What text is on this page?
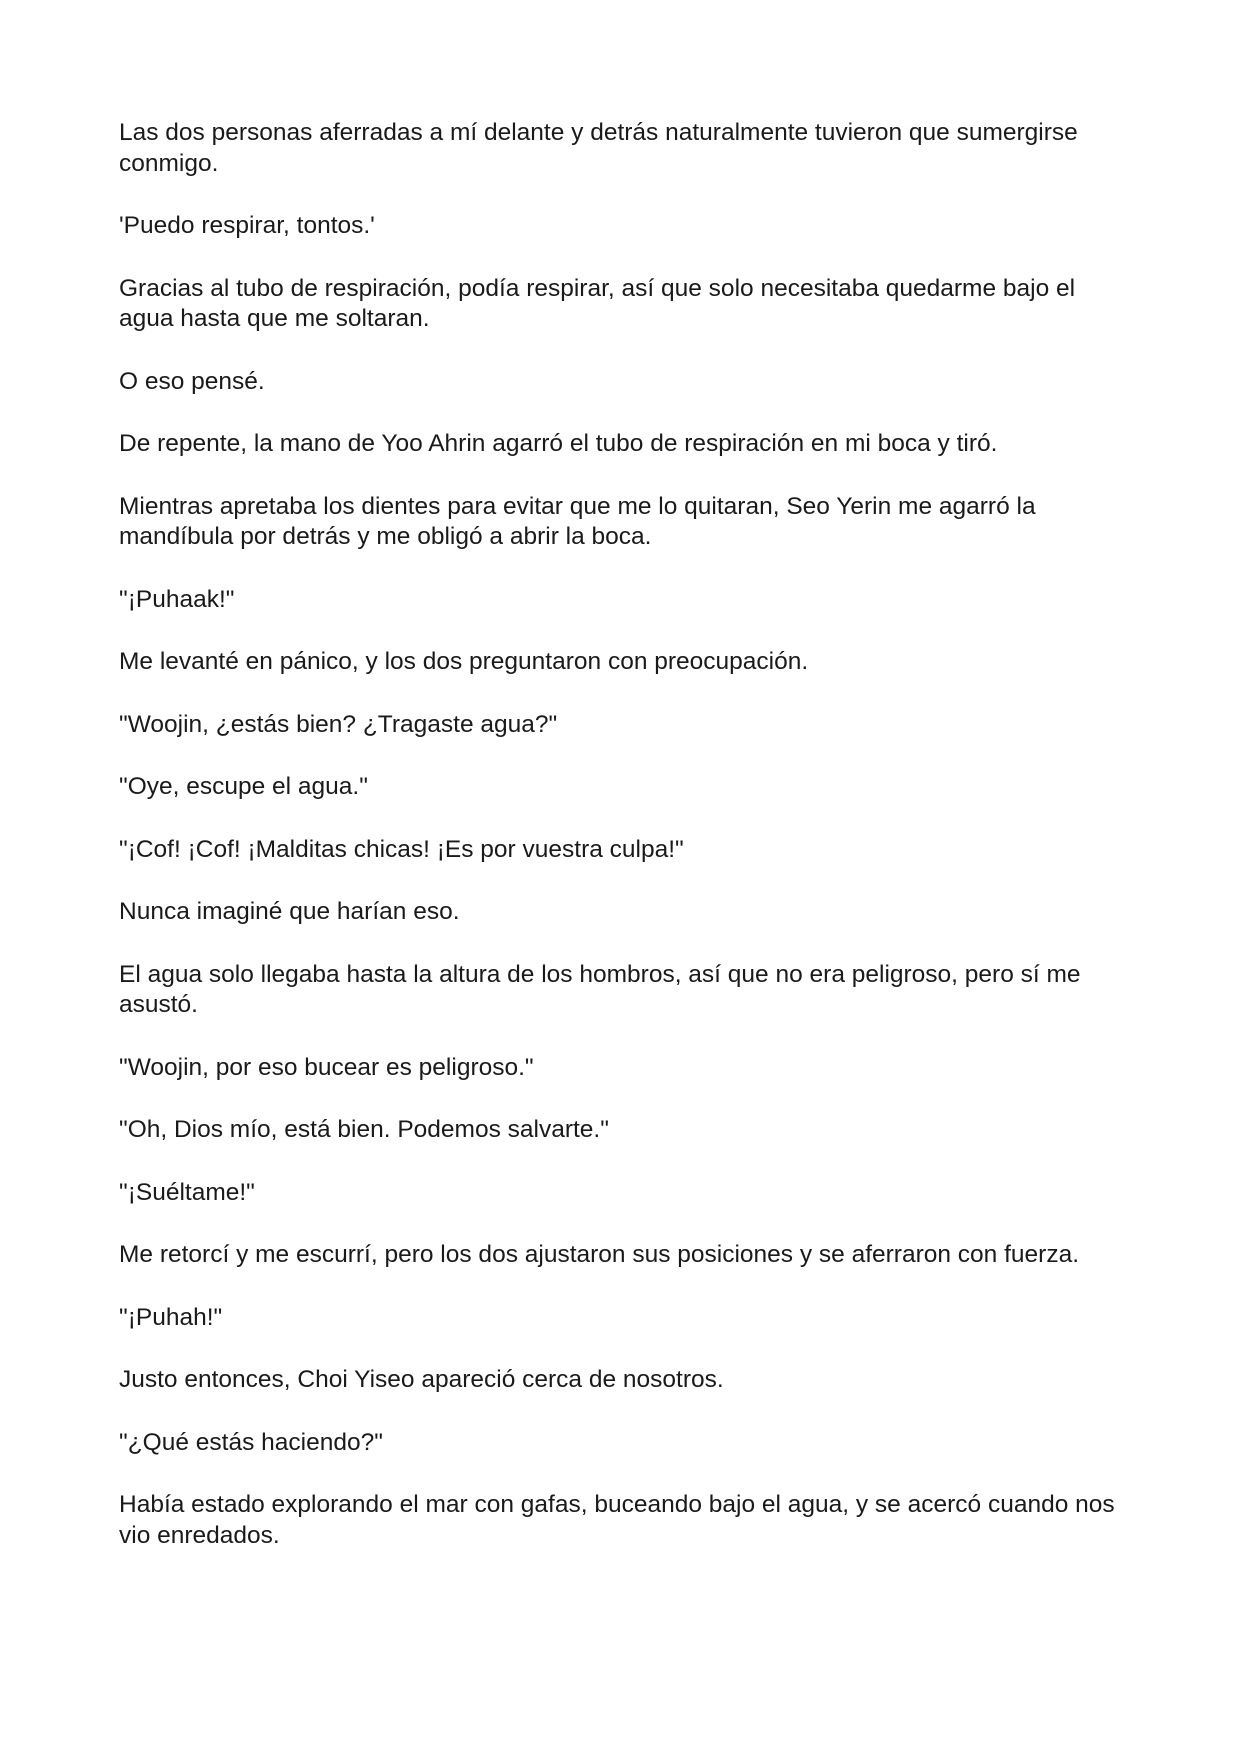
Las dos personas aferradas a mí delante y detrás naturalmente tuvieron que sumergirse conmigo.

'Puedo respirar, tontos.'

Gracias al tubo de respiración, podía respirar, así que solo necesitaba quedarme bajo el agua hasta que me soltaran.

O eso pensé.

De repente, la mano de Yoo Ahrin agarró el tubo de respiración en mi boca y tiró.

Mientras apretaba los dientes para evitar que me lo quitaran, Seo Yerin me agarró la mandíbula por detrás y me obligó a abrir la boca.

"¡Puhaak!"

Me levanté en pánico, y los dos preguntaron con preocupación.

"Woojin, ¿estás bien? ¿Tragaste agua?"

"Oye, escupe el agua."

"¡Cof! ¡Cof! ¡Malditas chicas! ¡Es por vuestra culpa!"

Nunca imaginé que harían eso.

El agua solo llegaba hasta la altura de los hombros, así que no era peligroso, pero sí me asustó.

"Woojin, por eso bucear es peligroso."

"Oh, Dios mío, está bien. Podemos salvarte."

"¡Suéltame!"

Me retorcí y me escurrí, pero los dos ajustaron sus posiciones y se aferraron con fuerza.

"¡Puhah!"

Justo entonces, Choi Yiseo apareció cerca de nosotros.

"¿Qué estás haciendo?"

Había estado explorando el mar con gafas, buceando bajo el agua, y se acercó cuando nos vio enredados.
